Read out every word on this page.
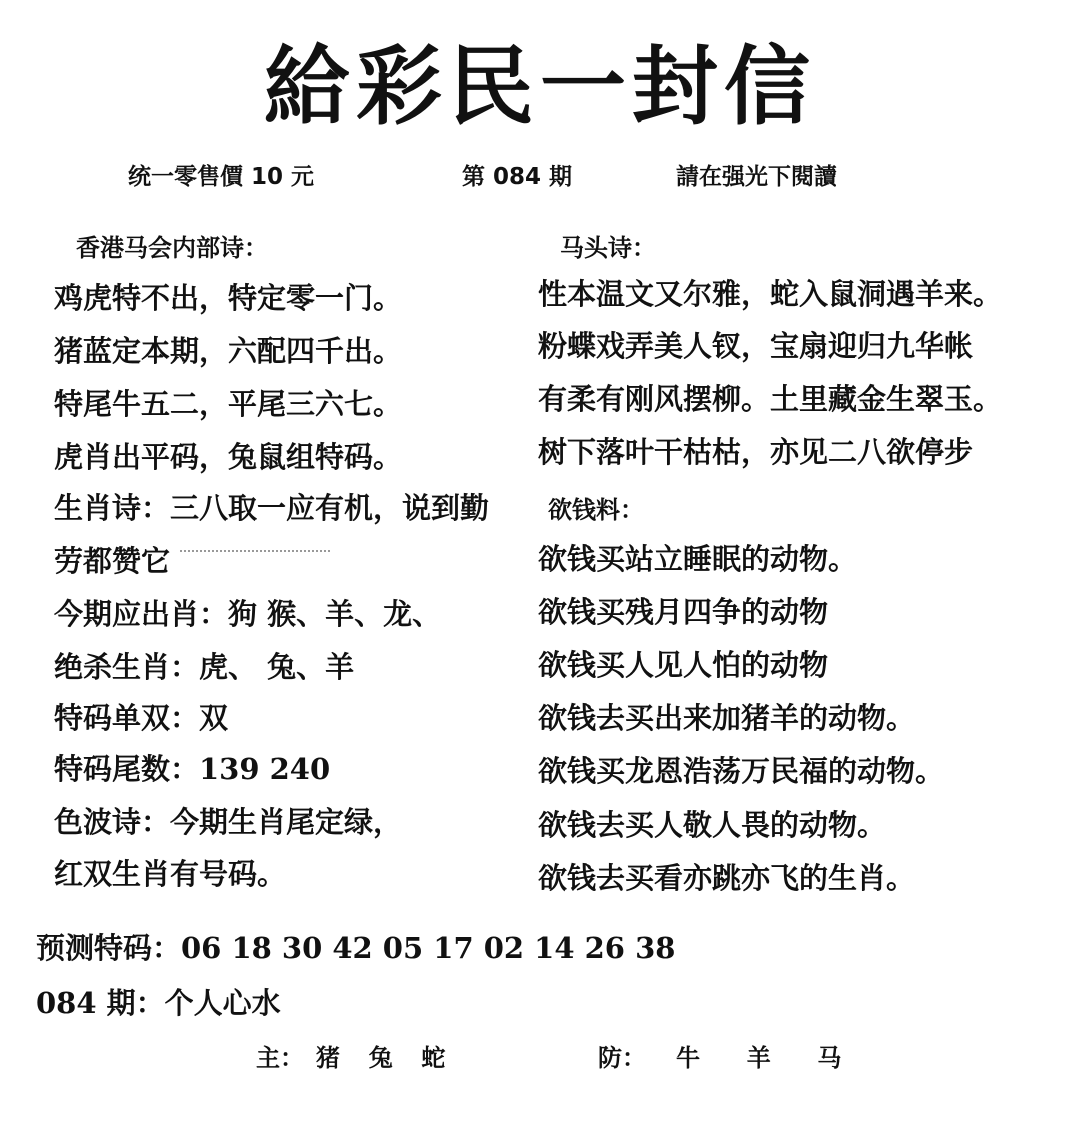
給彩民一封信
统一零售價 10 元	第 084 期	請在强光下閱讀
香港马会内部诗：
鸡虎特不出，特定零一门。
猪蓝定本期，六配四千出。
特尾牛五二，平尾三六七。
虎肖出平码，兔鼠组特码。
生肖诗：三八取一应有机，说到勤
劳都赞它
今期应出肖：狗 猴、羊、龙、
绝杀生肖：虎、 兔、羊
特码单双：双
特码尾数：139 240
色波诗：今期生肖尾定绿，
红双生肖有号码。
马头诗：
性本温文又尔雅，蛇入鼠洞遇羊来。
粉蝶戏弄美人钗，宝扇迎归九华帐
有柔有刚风摆柳。土里藏金生翠玉。
树下落叶干枯枯，亦见二八欲停步
欲钱料：
欲钱买站立睡眠的动物。
欲钱买残月四争的动物
欲钱买人见人怕的动物
欲钱去买出来加猪羊的动物。
欲钱买龙恩浩荡万民福的动物。
欲钱去买人敬人畏的动物。
欲钱去买看亦跳亦飞的生肖。
预测特码：06 18 30 42 05 17 02 14 26 38
084 期：个人心水
主： 猪  兔  蛇	防： 牛  羊  马
